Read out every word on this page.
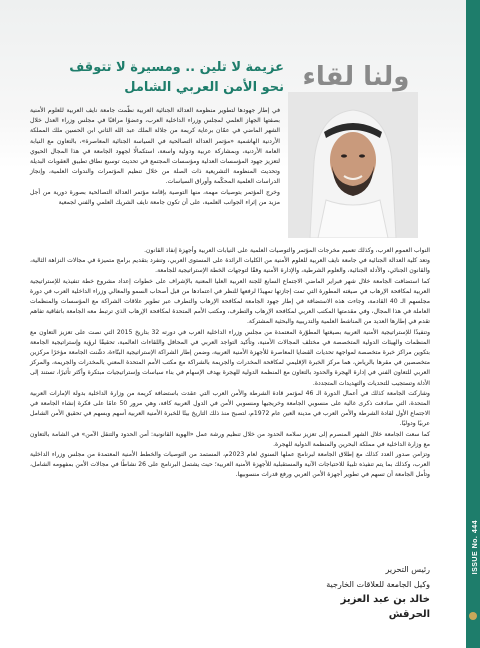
ولنا لقاء
عزيمة لا تلين .. ومسيرة لا تتوقف
نحو الأمن العربي الشامل

في إطار جهودها لتطوير منظومة العدالة الجنائية العربية نظّمت جامعة نايف العربية للعلوم الأمنية بصفتها الجهاز العلمي لمجلس وزراء الداخلية العرب، وعضوًا مراقبًا في مجلس وزراء العدل خلال الشهر الماضي في عمّان برعاية كريمة من جلالة الملك عبد الله الثاني ابن الحسين ملك المملكة الأردنية الهاشمية «مؤتمر العدالة التصالحية في السياسة الجنائية المعاصرة»، بالتعاون مع النيابة العامة الأردنية، وبمشاركة عربية ودولية واسعة، استكمالًا لجهود الجامعة في هذا المجال الحيوي لتعزيز جهود المؤسسات العدلية ومؤسسات المجتمع في تحديث توسيع نطاق تطبيق العقوبات البديلة وتحديث المنظومة التشريعية ذات الصلة من خلال تنظيم المؤتمرات والندوات العلمية، وإنجاز الدراسات العلمية المحكّمة وأوراق السياسات.

وخرج المؤتمر بتوصيات مهمة، منها التوصية بإقامة مؤتمر العدالة التصالحية بصورة دورية من أجل مزيد من إثراء الجوانب العلمية، على أن تكون جامعة نايف الشريك العلمي والفني لجمعية

النواب العموم العرب، وكذلك تعميم مخرجات المؤتمر والتوصيات العلمية على النيابات العربية وأجهزة إنفاذ القانون.

وتعد كلية العدالة الجنائية في جامعة نايف العربية للعلوم الأمنية من الكليات الرائدة على المستوى العربي، وتنفرد بتقديم برامج متميزة في مجالات النزاهة الثالية، والقانون الجنائي، والأدلة الجنائية، والعلوم الشرطية، والإدارة الأمنية وفقًا لتوجهات الخطة الإستراتيجية للجامعة.

كما استضافت الجامعة خلال شهر فبراير الماضي الاجتماع السابع للجنة العربية العليا المعنية بالإشراف على خطوات إعداد مشروع خطة تنفيذية للإستراتيجية العربية لمكافحة الإرهاب في صيغته المطورة التي تمت إجازتها تمهيدًا لرفعها للنظر في اعتمادها من قبل أصحاب السمو والمعالي وزراء الداخلية العرب في دورة مجلسهم الـ 40 القادمة، وجاءت هذه الاستضافة في إطار جهود الجامعة لمكافحة الإرهاب والتطرف عبر تطوير علاقات الشراكة مع المؤسسات والمنظمات العاملة في هذا المجال، وفي مقدمتها المكتب العربي لمكافحة الإرهاب والتطرف، ومكتب الأمم المتحدة لمكافحة الإرهاب الذي ترتبط معه الجامعة باتفاقية تفاهم تقدم في إطارها العديد من المناشط العلمية والتدريبية والبحثية المشتركة.

وتنفيذًا للإستراتيجية الأمنية العربية بصيغتها المطوّرة المعتمدة من مجلس وزراء الداخلية العرب في دورته 32 بتاريخ 2015 التي نصت على تعزيز التعاون مع المنظمات والهيئات الدولية المتخصصة في مختلف المجالات الأمنية، وتأكيد التواجد العربي في المحافل واللقاءات العالمية، تحقيقًا لرؤية وإستراتيجية الجامعة بتكوين مراكز خبرة متخصصة لمواجهة تحديات القضايا المعاصرة للأجهزة الأمنية العربية، وضمن إطار الشراكة الإستراتيجية البنّاءة، دشّنت الجامعة مؤخرًا مركزين متخصصين في مقرها بالرياض، هما مركز الخبرة الإقليمي لمكافحة المخدرات والجريمة بالشراكة مع مكتب الأمم المتحدة المعني بالمخدرات والجريمة، والمركز العربي للتعاون الفني في إدارة الهجرة والحدود بالتعاون مع المنظمة الدولية للهجرة بهدف الإسهام في بناء سياسات وإستراتيجيات مبتكرة وأكثر تأثيرًا، تستند إلى الأدلة وتستجيب للتحديات والتهديدات المتجددة.

وشاركت الجامعة كذلك في أعمال الدورة الـ 46 لمؤتمر قادة الشرطة والأمن العرب التي عقدت باستضافة كريمة من وزارة الداخلية بدولة الإمارات العربية المتحدة، التي صادفت ذكرى غالية على منسوبي الجامعة وخريجيها ومنسوبي الأمن في الدول العربية كافة، وهي مرور 50 عامًا على فكرة إنشاء الجامعة في الاجتماع الأول لقادة الشرطة والأمن العرب في مدينة العين عام 1972م، لتصبح منذ ذلك التاريخ بيتًا للخبرة الأمنية العربية أسهم وبسهم في تحقيق الأمن الشامل عربيًا ودوليًا.

كما سعت الجامعة خلال الشهر المنصرم إلى تعزيز سلامة الحدود من خلال تنظيم ورشة عمل «الهوية القانونية: أمن الحدود والتنقل الآمن» في الشامة بالتعاون مع وزارة الداخلية في مملكة البحرين والمنظمة الدولية للهجرة.

وتزامن صدور العدد كذلك مع إطلاق الجامعة لبرنامج عملها السنوي لعام 2023م، المستمد من التوصيات والخطط الأمنية المعتمدة من مجلس وزراء الداخلية العرب، وكذلك بما يتم تنفيذه تلبيةً للاحتياجات الآنية والمستقبلية للأجهزة الأمنية العربية؛ حيث يشتمل البرنامج على 26 نشاطًا في مجالات الأمن بمفهومه الشامل، وتأمل الجامعة أن تسهم في تطوير أجهزة الأمن العربي ورفع قدرات منسوبيها.

رئيس التحرير
وكيل الجامعة للعلاقات الخارجية
خالد بن عبد العزيز الحرقش
ISSUE No. 444
